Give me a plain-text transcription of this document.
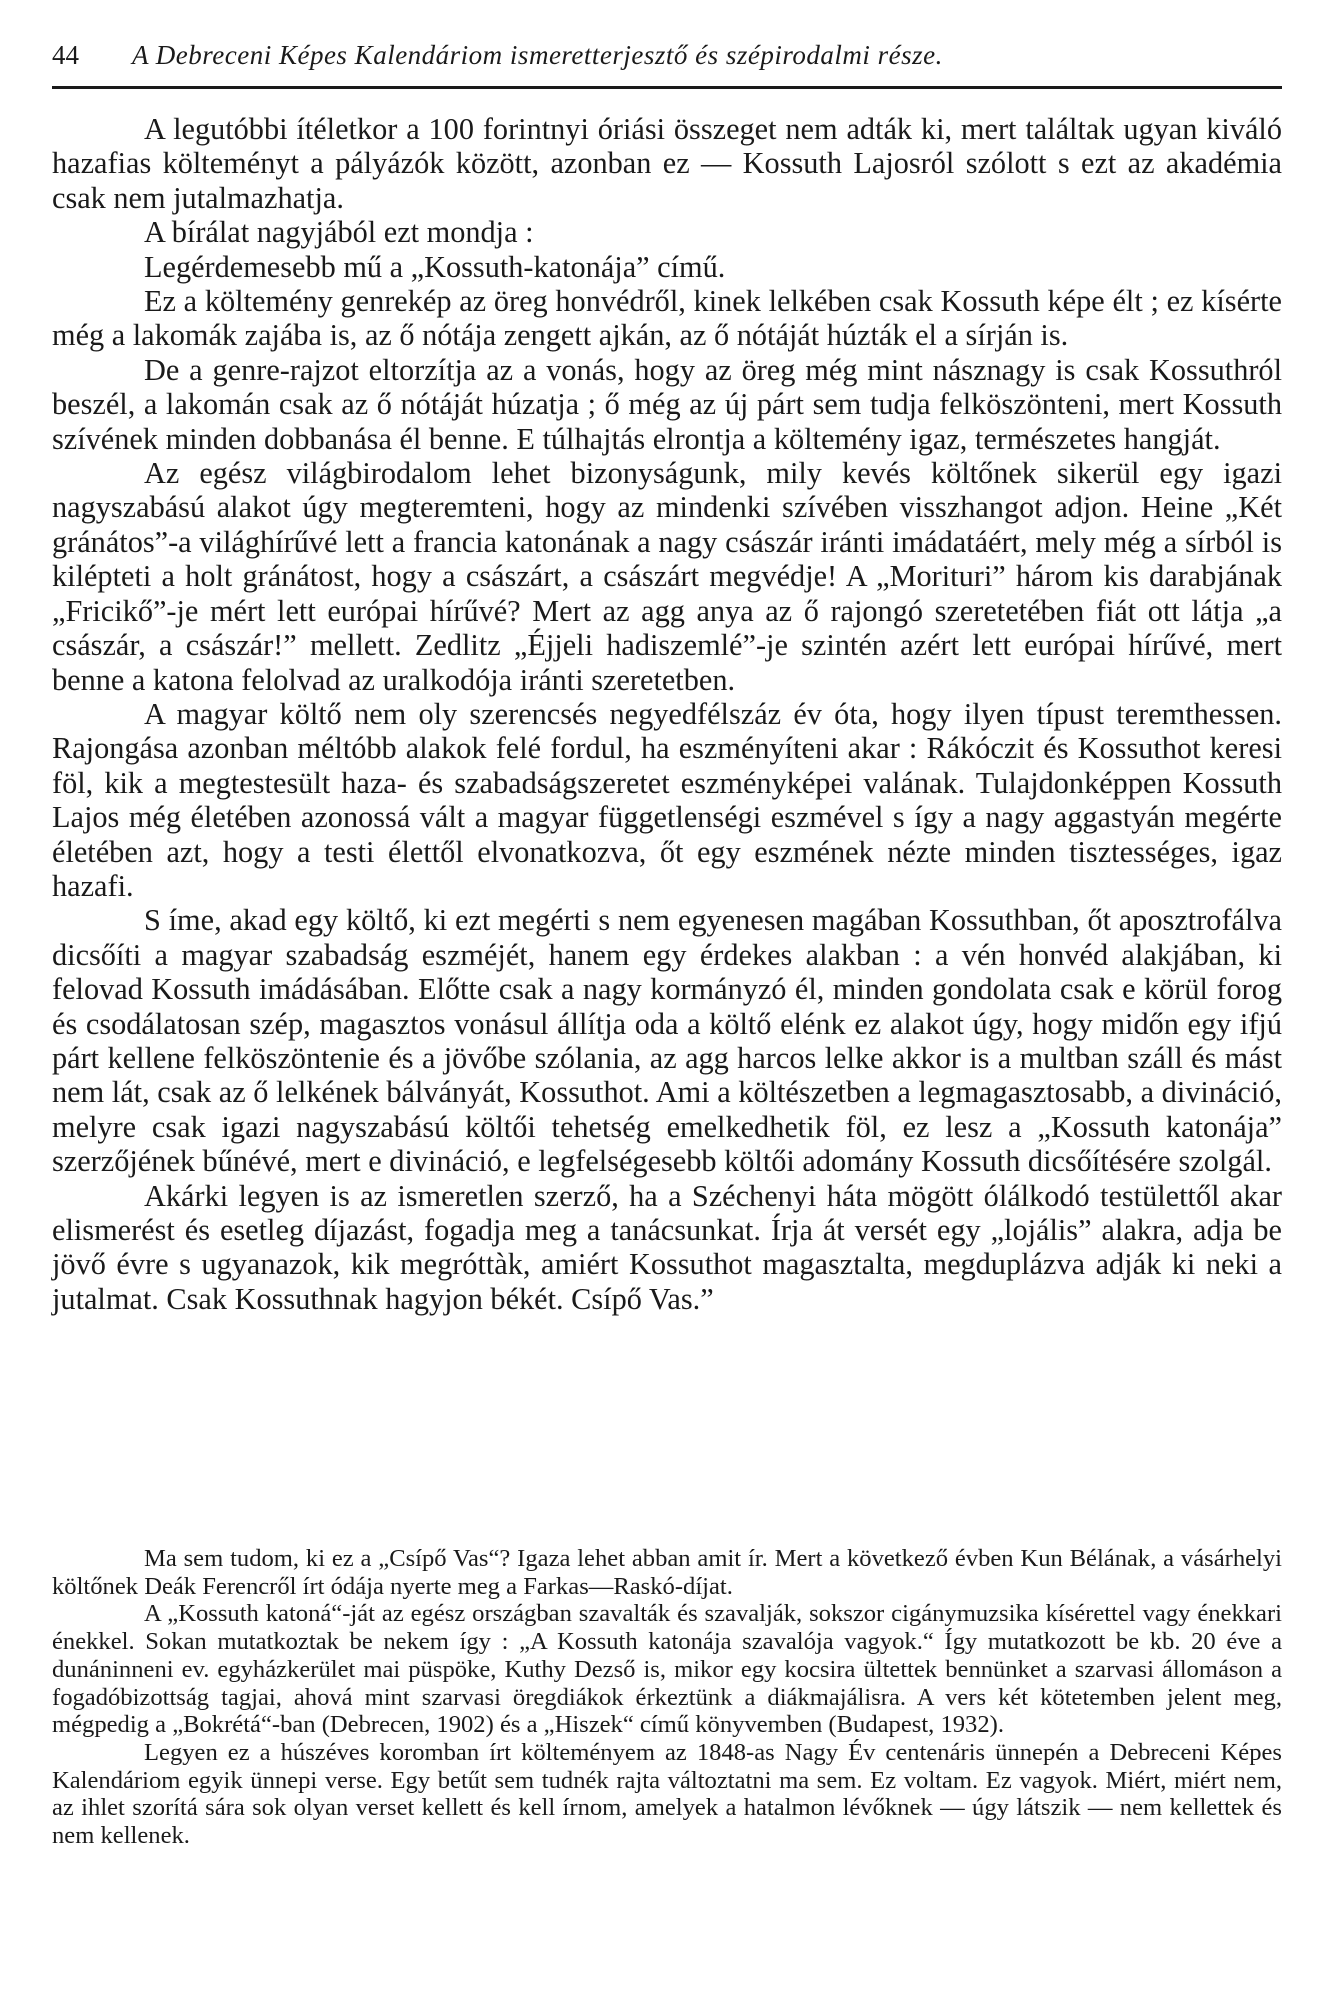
44	A Debreceni Képes Kalendáriom ismeretterjesztő és szépirodalmi része.

A legutóbbi ítéletkor a 100 forintnyi óriási összeget nem adták ki, mert találtak ugyan kiváló hazafias költeményt a pályázók között, azonban ez — Kossuth Lajosról szólott s ezt az akadémia csak nem jutalmazhatja.

A bírálat nagyjából ezt mondja :

Legérdemesebb mű a „Kossuth-katonája” című.

Ez a költemény genrekép az öreg honvédről, kinek lelkében csak Kossuth képe élt ; ez kísérte még a lakomák zajába is, az ő nótája zengett ajkán, az ő nótáját húzták el a sírján is.

De a genre-rajzot eltorzítja az a vonás, hogy az öreg még mint násznagy is csak Kossuthról beszél, a lakomán csak az ő nótáját húzatja ; ő még az új párt sem tudja felköszönteni, mert Kossuth szívének minden dobbanása él benne. E túlhajtás elrontja a költemény igaz, természetes hangját.

Az egész világbirodalom lehet bizonyságunk, mily kevés költőnek sikerül egy igazi nagyszabású alakot úgy megteremteni, hogy az mindenki szívében visszhangot adjon. Heine „Két gránátos”-a világhírűvé lett a francia katonának a nagy császár iránti imádatáért, mely még a sírból is kilépteti a holt gránátost, hogy a császárt, a császárt megvédje! A „Morituri” három kis darabjának „Fricikő”-je mért lett európai hírűvé? Mert az agg anya az ő rajongó szeretetében fiát ott látja „a császár, a császár!” mellett. Zedlitz „Éjjeli hadiszemlé”-je szintén azért lett európai hírűvé, mert benne a katona felolvad az uralkodója iránti szeretetben.

A magyar költő nem oly szerencsés negyedfélszáz év óta, hogy ilyen típust teremthessen. Rajongása azonban méltóbb alakok felé fordul, ha eszményíteni akar : Rákóczit és Kossuthot keresi föl, kik a megtestesült haza- és szabadságszeretet eszményképei valának. Tulajdonképpen Kossuth Lajos még életében azonossá vált a magyar függetlenségi eszmével s így a nagy aggastyán megérte életében azt, hogy a testi élettől elvonatkozva, őt egy eszmének nézte minden tisztességes, igaz hazafi.

S íme, akad egy költő, ki ezt megérti s nem egyenesen magában Kossuthban, őt aposztrofálva dicsőíti a magyar szabadság eszméjét, hanem egy érdekes alakban : a vén honvéd alakjában, ki felovad Kossuth imádásában. Előtte csak a nagy kormányzó él, minden gondolata csak e körül forog és csodálatosan szép, magasztos vonásul állítja oda a költő elénk ez alakot úgy, hogy midőn egy ifjú párt kellene felköszöntenie és a jövőbe szólania, az agg harcos lelke akkor is a multban száll és mást nem lát, csak az ő lelkének bálványát, Kossuthot. Ami a költészetben a legmagasztosabb, a divináció, melyre csak igazi nagyszabású költői tehetség emelkedhetik föl, ez lesz a „Kossuth katonája” szerzőjének bűnévé, mert e divináció, e legfelségesebb költői adomány Kossuth dicsőítésére szolgál.

Akárki legyen is az ismeretlen szerző, ha a Széchenyi háta mögött ólálkodó testülettől akar elismerést és esetleg díjazást, fogadja meg a tanácsunkat. Írja át versét egy „lojális” alakra, adja be jövő évre s ugyanazok, kik megróttàk, amiért Kossuthot magasztalta, megduplázva adják ki neki a jutalmat. Csak Kossuthnak hagyjon békét. Csípő Vas.”

Ma sem tudom, ki ez a „Csípő Vas“? Igaza lehet abban amit ír. Mert a következő évben Kun Bélának, a vásárhelyi költőnek Deák Ferencről írt ódája nyerte meg a Farkas—Raskó-díjat.

A „Kossuth katoná“-ját az egész országban szavalták és szavalják, sokszor cigánymuzsika kísérettel vagy énekkari énekkel. Sokan mutatkoztak be nekem így : „A Kossuth katonája szavalója vagyok.“ Így mutatkozott be kb. 20 éve a dunáninneni ev. egyházkerület mai püspöke, Kuthy Dezső is, mikor egy kocsira ültettek bennünket a szarvasi állomáson a fogadóbizottság tagjai, ahová mint szarvasi öregdiákok érkeztünk a diákmajálisra. A vers két kötetemben jelent meg, mégpedig a „Bokrétá“-ban (Debrecen, 1902) és a „Hiszek“ című könyvemben (Budapest, 1932).

Legyen ez a húszéves koromban írt költeményem az 1848-as Nagy Év centenáris ünnepén a Debreceni Képes Kalendáriom egyik ünnepi verse. Egy betűt sem tudnék rajta változtatni ma sem. Ez voltam. Ez vagyok. Miért, miért nem, az ihlet szorítá sára sok olyan verset kellett és kell írnom, amelyek a hatalmon lévőknek — úgy látszik — nem kellettek és nem kellenek.
